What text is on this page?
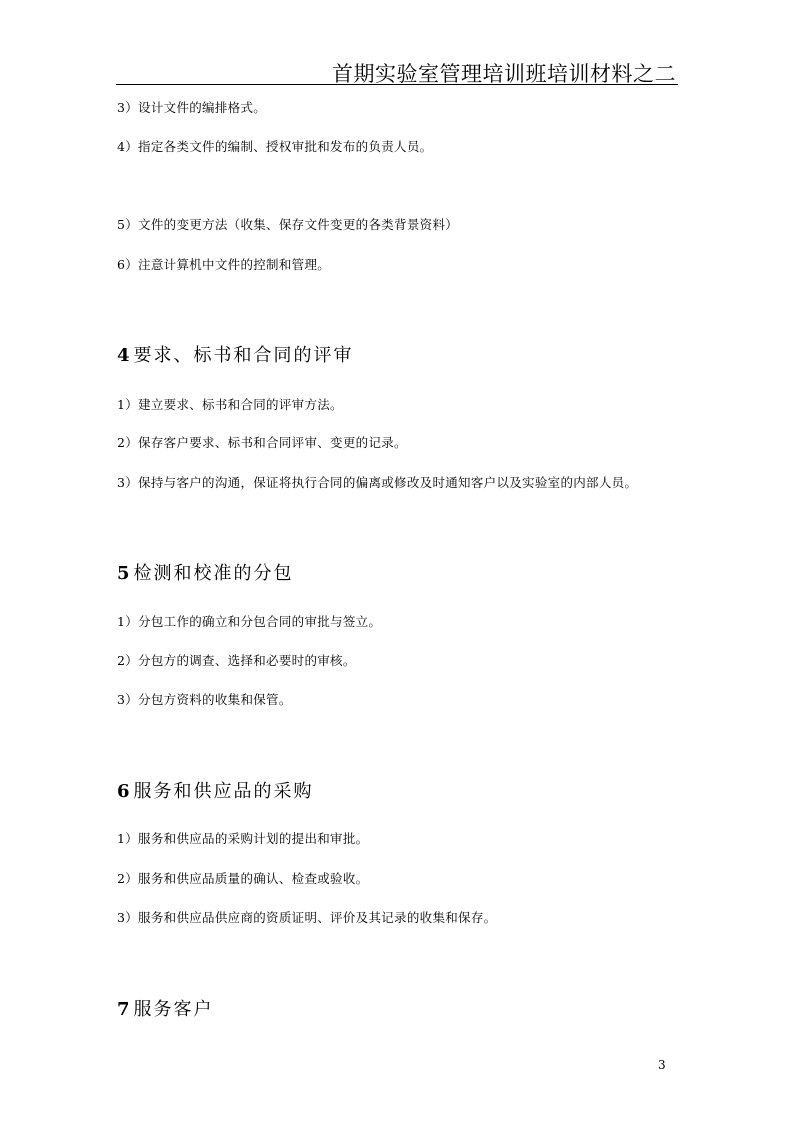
首期实验室管理培训班培训材料之二
3）设计文件的编排格式。
4）指定各类文件的编制、授权审批和发布的负责人员。
5）文件的变更方法（收集、保存文件变更的各类背景资料）
6）注意计算机中文件的控制和管理。
4 要求、标书和合同的评审
1）建立要求、标书和合同的评审方法。
2）保存客户要求、标书和合同评审、变更的记录。
3）保持与客户的沟通，保证将执行合同的偏离或修改及时通知客户以及实验室的内部人员。
5 检测和校准的分包
1）分包工作的确立和分包合同的审批与签立。
2）分包方的调查、选择和必要时的审核。
3）分包方资料的收集和保管。
6 服务和供应品的采购
1）服务和供应品的采购计划的提出和审批。
2）服务和供应品质量的确认、检查或验收。
3）服务和供应品供应商的资质证明、评价及其记录的收集和保存。
7 服务客户
3
